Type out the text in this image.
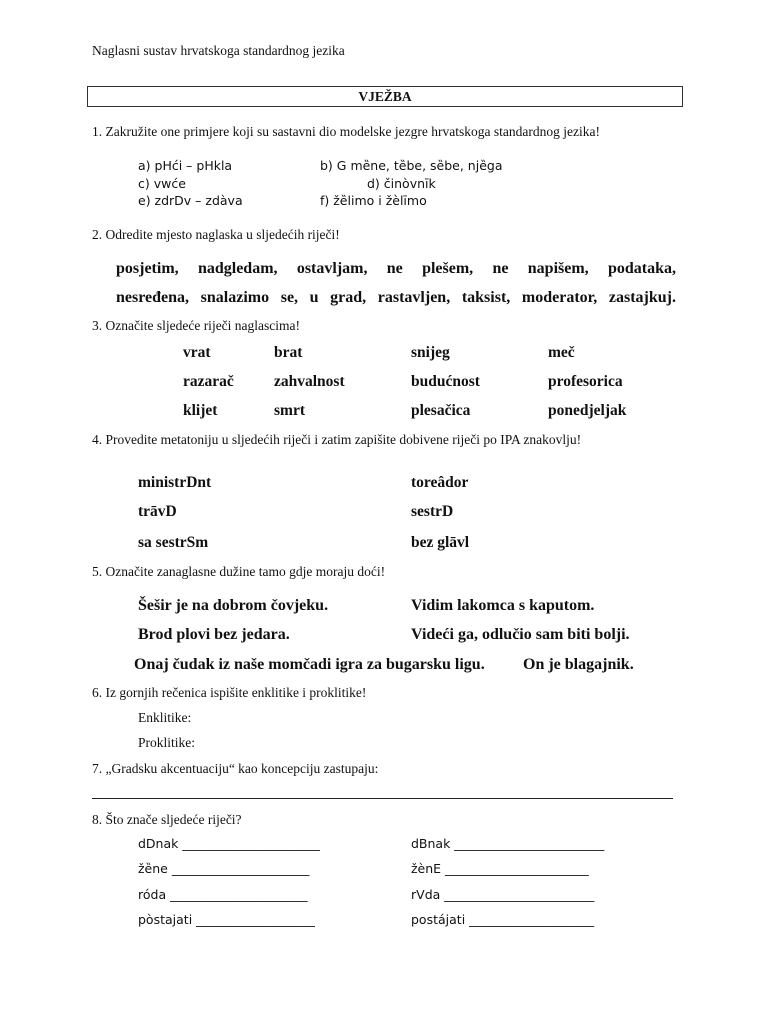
Naglasni sustav hrvatskoga standardnog jezika
VJEŽBA
1. Zakružite one primjere koji su sastavni dio modelske jezgre hrvatskoga standardnog jezika!
a) pHći – pHkla	b) G mȅne, tȅbe, sȅbe, njȅga
c) vwće	d) činòvnīk
e) zdrDv – zdàva	f) žȅlimo i žèlīmo
2. Odredite mjesto naglaska u sljedećih riječi!
posjetim, nadgledam, ostavljam, ne plešem, ne napišem, podataka,
nesređena, snalazimo se, u grad, rastavljen, taksist, moderator, zastajkuj.
3. Označite sljedeće riječi naglascima!
vrat	brat	snijeg	meč
razarač	zahvalnost	budućnost	profesorica
klijet	smrt	plesačica	ponedjeljak
4. Provedite metatoniju u sljedećih riječi i zatim zapišite dobivene riječi po IPA znakovlju!
ministrDnt	toreâdor
trāvD	sestrD
sa sestrSm	bez glāvl
5. Označite zanaglasne dužine tamo gdje moraju doći!
Šešir je na dobrom čovjeku.	Vidim lakomca s kaputom.
Brod plovi bez jedara.	Videći ga, odlučio sam biti bolji.
Onaj čudak iz naše momčadi igra za bugarsku ligu. On je blagajnik.
6. Iz gornjih rečenica ispišite enklitike i proklitike!
Enklitike:
Proklitike:
7. „Gradsku akcentuaciju“ kao koncepciju zastupaju:
8. Što znače sljedeće riječi?
dDnak ______________________	dBnak ________________________
žȅne ______________________	žènE _______________________
róda ______________________	rVda ________________________
pòstajati ___________________	postájati ____________________
